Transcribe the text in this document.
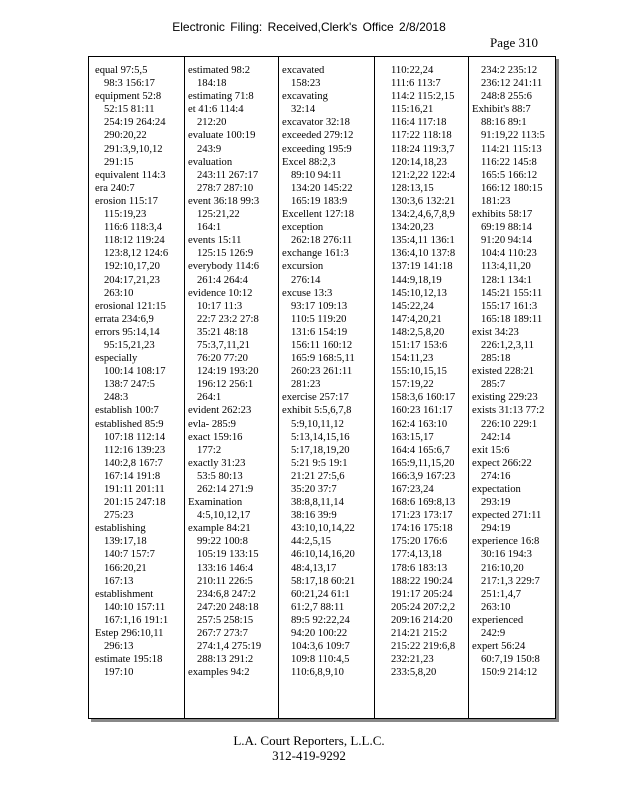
Electronic Filing: Received,Clerk's Office 2/8/2018
Page 310
equal 97:5,5
98:3 156:17
equipment 52:8
52:15 81:11
254:19 264:24
290:20,22
291:3,9,10,12
291:15
equivalent 114:3
era 240:7
erosion 115:17
115:19,23
116:6 118:3,4
118:12 119:24
123:8,12 124:6
192:10,17,20
204:17,21,23
263:10
erosional 121:15
errata 234:6,9
errors 95:14,14
95:15,21,23
especially
100:14 108:17
138:7 247:5
248:3
establish 100:7
established 85:9
107:18 112:14
112:16 139:23
140:2,8 167:7
167:14 191:8
191:11 201:11
201:15 247:18
275:23
establishing
139:17,18
140:7 157:7
166:20,21
167:13
establishment
140:10 157:11
167:1,16 191:1
Estep 296:10,11
296:13
estimate 195:18
197:10
estimated 98:2
184:18
estimating 71:8
et 41:6 114:4
212:20
evaluate 100:19
243:9
evaluation
243:11 267:17
278:7 287:10
event 36:18 99:3
125:21,22
164:1
events 15:11
125:15 126:9
everybody 114:6
261:4 264:4
evidence 10:12
10:17 11:3
22:7 23:2 27:8
35:21 48:18
75:3,7,11,21
76:20 77:20
124:19 193:20
196:12 256:1
264:1
evident 262:23
evla- 285:9
exact 159:16
177:2
exactly 31:23
53:5 80:13
262:14 271:9
Examination
4:5,10,12,17
example 84:21
99:22 100:8
105:19 133:15
133:16 146:4
210:11 226:5
234:6,8 247:2
247:20 248:18
257:5 258:15
267:7 273:7
274:1,4 275:19
288:13 291:2
examples 94:2
excavated
158:23
excavating
32:14
excavator 32:18
exceeded 279:12
exceeding 195:9
Excel 88:2,3
89:10 94:11
134:20 145:22
165:19 183:9
Excellent 127:18
exception
262:18 276:11
exchange 161:3
excursion
276:14
excuse 13:3
93:17 109:13
110:5 119:20
131:6 154:19
156:11 160:12
165:9 168:5,11
260:23 261:11
281:23
exercise 257:17
exhibit 5:5,6,7,8
5:9,10,11,12
5:13,14,15,16
5:17,18,19,20
5:21 9:5 19:1
21:21 27:5,6
35:20 37:7
38:8,8,11,14
38:16 39:9
43:10,10,14,22
44:2,5,15
46:10,14,16,20
48:4,13,17
58:17,18 60:21
60:21,24 61:1
61:2,7 88:11
89:5 92:22,24
94:20 100:22
104:3,6 109:7
109:8 110:4,5
110:6,8,9,10
110:22,24
111:6 113:7
114:2 115:2,15
115:16,21
116:4 117:18
117:22 118:18
118:24 119:3,7
120:14,18,23
121:2,22 122:4
128:13,15
130:3,6 132:21
134:2,4,6,7,8,9
134:20,23
135:4,11 136:1
136:4,10 137:8
137:19 141:18
144:9,18,19
145:10,12,13
145:22,24
147:4,20,21
148:2,5,8,20
151:17 153:6
154:11,23
155:10,15,15
157:19,22
158:3,6 160:17
160:23 161:17
162:4 163:10
163:15,17
164:4 165:6,7
165:9,11,15,20
166:3,9 167:23
167:23,24
168:6 169:8,13
171:23 173:17
174:16 175:18
175:20 176:6
177:4,13,18
178:6 183:13
188:22 190:24
191:17 205:24
205:24 207:2,2
209:16 214:20
214:21 215:2
215:22 219:6,8
232:21,23
233:5,8,20
234:2 235:12
236:12 241:11
248:8 255:6
Exhibit's 88:7
88:16 89:1
91:19,22 113:5
114:21 115:13
116:22 145:8
165:5 166:12
166:12 180:15
181:23
exhibits 58:17
69:19 88:14
91:20 94:14
104:4 110:23
113:4,11,20
128:1 134:1
145:21 155:11
155:17 161:3
165:18 189:11
exist 34:23
226:1,2,3,11
285:18
existed 228:21
285:7
existing 229:23
exists 31:13 77:2
226:10 229:1
242:14
exit 15:6
expect 266:22
274:16
expectation
293:19
expected 271:11
294:19
experience 16:8
30:16 194:3
216:10,20
217:1,3 229:7
251:1,4,7
263:10
experienced
242:9
expert 56:24
60:7,19 150:8
150:9 214:12
L.A. Court Reporters, L.L.C.
312-419-9292
